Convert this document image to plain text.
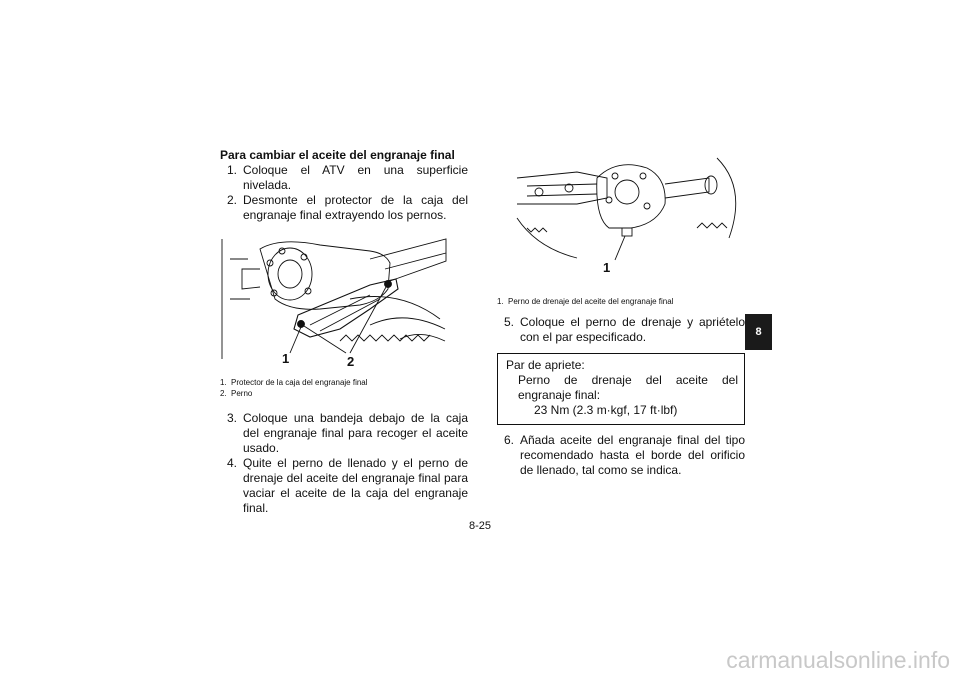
Para cambiar el aceite del engranaje final

1. Coloque el ATV en una superficie nivelada.
2. Desmonte el protector de la caja del engranaje final extrayendo los pernos.
1	2
1. Protector de la caja del engranaje final
2. Perno
3. Coloque una bandeja debajo de la caja del engranaje final para recoger el aceite usado.
4. Quite el perno de llenado y el perno de drenaje del aceite del engranaje final para vaciar el aceite de la caja del engranaje final.
1
1. Perno de drenaje del aceite del engranaje final
5. Coloque el perno de drenaje y apriételo con el par especificado.
Par de apriete:
Perno de drenaje del aceite del engranaje final:
23 Nm (2.3 m·kgf, 17 ft·lbf)
6. Añada aceite del engranaje final del tipo recomendado hasta el borde del orificio de llenado, tal como se indica.
8
8-25
carmanualsonline.info
